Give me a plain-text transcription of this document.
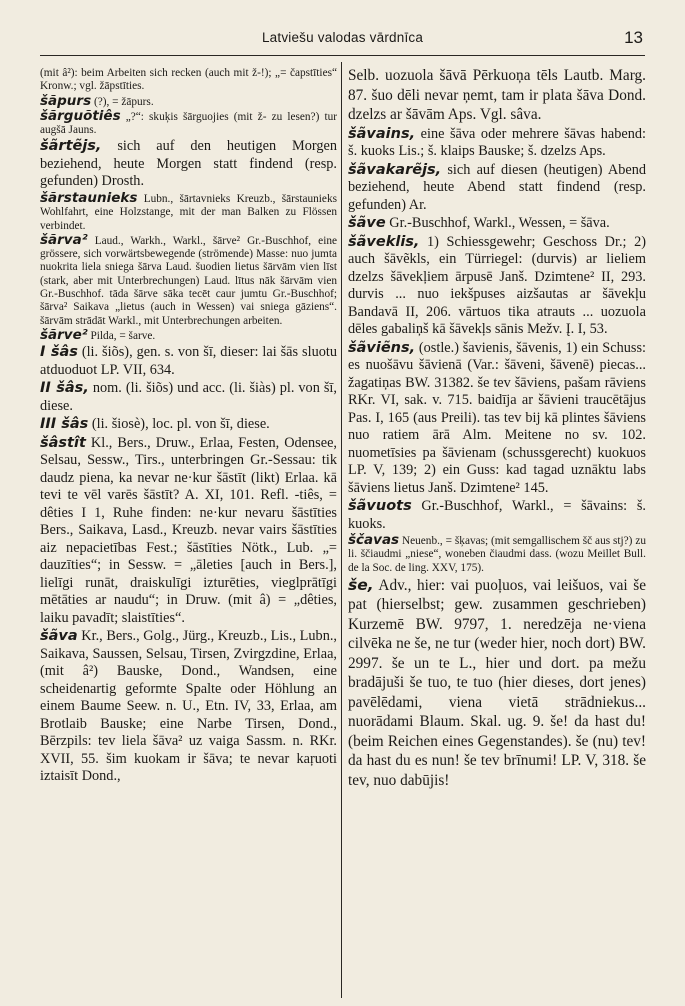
Latviešu valodas vārdnīca	13

(mit â²): beim Arbeiten sich recken (auch mit ž-!); „= čapstīties“ Kronw.; vgl. žāpstīties.

šãpurs (?), = žāpurs.

šãrguõtiês „?“: skuķis šārguojies (mit ž- zu lesen?) tur augšā Jauns.

šãrtẽjs, sich auf den heutigen Morgen beziehend, heute Morgen statt findend (resp. gefunden) Drosth.

šãrstaunieks Lubn., šārtavnieks Kreuzb., šārstaunieks Wohlfahrt, eine Holzstange, mit der man Balken zu Flössen verbindet.

šãrva² Laud., Warkh., Warkl., šārve² Gr.-Buschhof, eine grössere, sich vorwärtsbewegende (strömende) Masse: nuo jumta nuokrita liela sniega šārva Laud. šuodien lietus šārvām vien līst (stark, aber mit Unterbrechungen) Laud. lītus nāk šārvām vien Gr.-Buschhof. tāda šārve sāka tecēt caur jumtu Gr.-Buschhof; šārva² Saikava „lietus (auch in Wessen) vai sniega gāziens“. šārvām strādāt Warkl., mit Unterbrechungen arbeiten.

šãrve² Pilda, = šarve.

I šâs (li. šiõs), gen. s. von šī, dieser: lai šās sluotu atduoduot LP. VII, 634.

II šâs, nom. (li. šiõs) und acc. (li. šiàs) pl. von šī, diese.

III šâs (li. šiosè), loc. pl. von šī, diese.

šâstît Kl., Bers., Druw., Erlaa, Festen, Odensee, Selsau, Sessw., Tirs., unterbringen Gr.-Sessau: tik daudz piena, ka nevar ne·kur šāstīt (likt) Erlaa. kā tevi te vēl varēs šāstīt? A. XI, 101. Refl. -tiês, = dêties I 1, Ruhe finden: ne·kur nevaru šāstīties Bers., Saikava, Lasd., Kreuzb. nevar vairs šāstīties aiz nepacietības Fest.; šāstīties Nötk., Lub. „= dauzīties“; in Sessw. = „āleties [auch in Bers.], lielīgi runāt, draiskulīgi izturēties, vieglprātīgi mētāties ar naudu“; in Druw. (mit â) = „dêties, laiku pavadīt; slaistīties“.

šãva Kr., Bers., Golg., Jürg., Kreuzb., Lis., Lubn., Saikava, Saussen, Selsau, Tirsen, Zvirgzdine, Erlaa, (mit â²) Bauske, Dond., Wandsen, eine scheidenartig geformte Spalte oder Höhlung an einem Baume Seew. n. U., Etn. IV, 33, Erlaa, am Brotlaib Bauske; eine Narbe Tirsen, Dond., Bērzpils: tev liela šāva² uz vaiga Sassm. n. RKr. XVII, 55. šim kuokam ir šāva; te nevar kaŗuoti iztaisīt Dond.,

Selb. uozuola šāvā Pērkuoņa tēls Lautb. Marg. 87. šuo dēli nevar ņemt, tam ir plata šāva Dond. dzelzs ar šāvām Aps. Vgl. sâva.

šãvains, eine šāva oder mehrere šāvas habend: š. kuoks Lis.; š. klaips Bauske; š. dzelzs Aps.

šãvakarẽjs, sich auf diesen (heutigen) Abend beziehend, heute Abend statt findend (resp. gefunden) Ar.

šãve Gr.-Buschhof, Warkl., Wessen, = šāva.

šãveklis, 1) Schiessgewehr; Geschoss Dr.; 2) auch šāvẽkls, ein Türriegel: (durvis) ar lieliem dzelzs šāvekļiem ārpusē Janš. Dzimtene² II, 293. durvis ... nuo iekšpuses aizšautas ar šāvekļu Bandavā II, 206. vārtuos tika atrauts ... uozuola dēles gabaliņš kā šāvekļs sānis Mežv. Į. I, 53.

šãviẽns, (ostle.) šavienis, šāvenis, 1) ein Schuss: es nuošāvu šāvienā (Var.: šāveni, šāvenē) piecas... žagatiņas BW. 31382. še tev šāviens, pašam rāviens RKr. VI, sak. v. 715. baidīja ar šāvieni traucētājus Pas. I, 165 (aus Preili). tas tev bij kā plintes šāviens nuo ratiem ārā Alm. Meitene no sv. 102. nuometīsies pa šāvienam (schussgerecht) kuokuos LP. V, 139; 2) ein Guss: kad tagad uznāktu labs šāviens lietus Janš. Dzimtene² 145.

šãvuots Gr.-Buschhof, Warkl., = šāvains: š. kuoks.

ščavas Neuenb., = šķavas; (mit semgallischem šč aus stj?) zu li. ščiaudmi „niese“, woneben čiaudmi dass. (wozu Meillet Bull. de la Soc. de ling. XXV, 175).

še, Adv., hier: vai puoļuos, vai leišuos, vai še pat (hierselbst; gew. zusammen geschrieben) Kurzemē BW. 9797, 1. neredzēja ne·viena cilvēka ne še, ne tur (weder hier, noch dort) BW. 2997. še un te L., hier und dort. pa mežu bradājuši še tuo, te tuo (hier dieses, dort jenes) pavēlēdami, viena vietā strādniekus... nuorādami Blaum. Skal. ug. 9. še! da hast du! (beim Reichen eines Gegenstandes). še (nu) tev! da hast du es nun! še tev brīnumi! LP. V, 318. še tev, nuo dabūjis!
